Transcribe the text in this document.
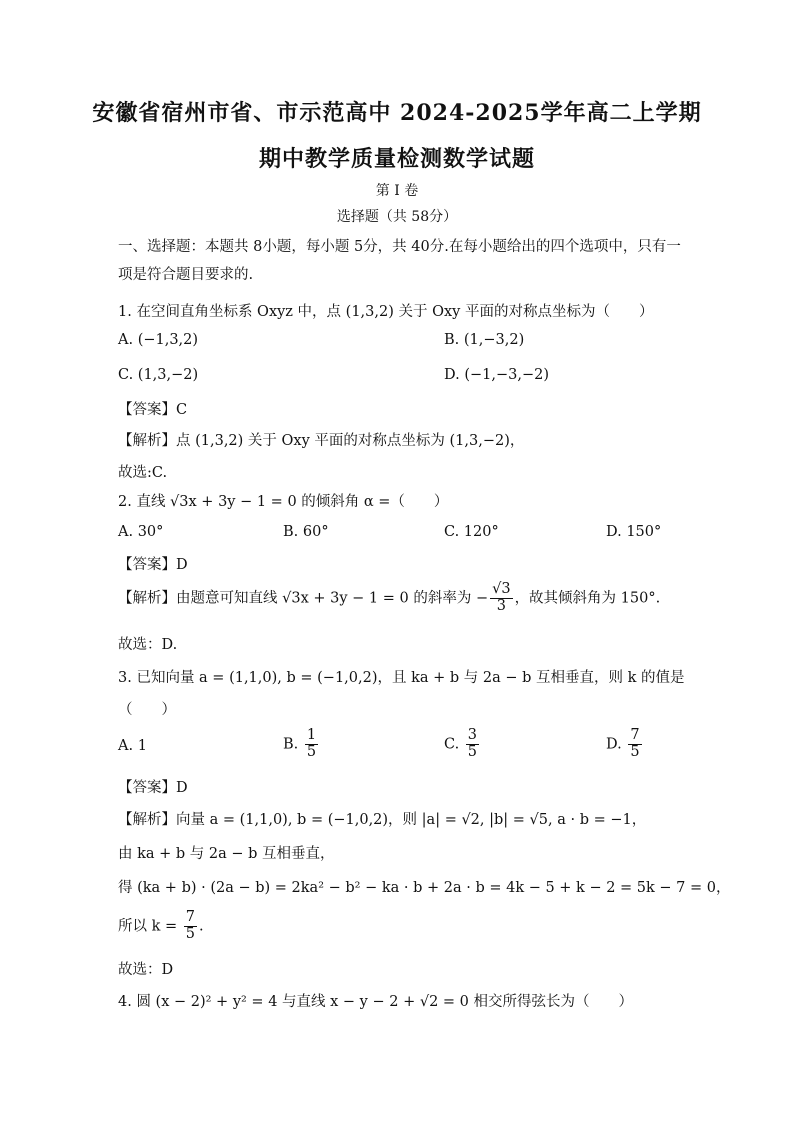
安徽省宿州市省、市示范高中 2024-2025学年高二上学期
期中教学质量检测数学试题
第 I 卷
选择题（共 58分）
一、选择题：本题共 8小题，每小题 5分，共 40分.在每小题给出的四个选项中，只有一
项是符合题目要求的.
1. 在空间直角坐标系 Oxyz 中，点 (1,3,2) 关于 Oxy 平面的对称点坐标为（　　）
A. (−1,3,2)	B. (1,−3,2)
C. (1,3,−2)	D. (−1,−3,−2)
【答案】C
【解析】点 (1,3,2) 关于 Oxy 平面的对称点坐标为 (1,3,−2)，
故选:C.
2. 直线 √3x + 3y − 1 = 0 的倾斜角 α =（　　）
A. 30°	B. 60°	C. 120°	D. 150°
【答案】D
【解析】由题意可知直线 √3x + 3y − 1 = 0 的斜率为 − $\frac{√3}{3}$ ，故其倾斜角为 150°.
故选：D.
3. 已知向量 a = (1,1,0), b = (−1,0,2)，且 ka + b 与 2a − b 互相垂直，则 k 的值是
（　　）
A. 1	B. $\frac{1}{5}$	C. $\frac{3}{5}$	D. $\frac{7}{5}$
【答案】D
【解析】向量 a = (1,1,0), b = (−1,0,2)，则 |a| = √2, |b| = √5, a · b = −1，
由 ka + b 与 2a − b 互相垂直，
得 (ka + b) · (2a − b) = 2ka² − b² − ka · b + 2a · b = 4k − 5 + k − 2 = 5k − 7 = 0，
所以 $k = \frac{7}{5}$ .
故选：D
4. 圆 (x − 2)² + y² = 4 与直线 x − y − 2 + √2 = 0 相交所得弦长为（　　）
